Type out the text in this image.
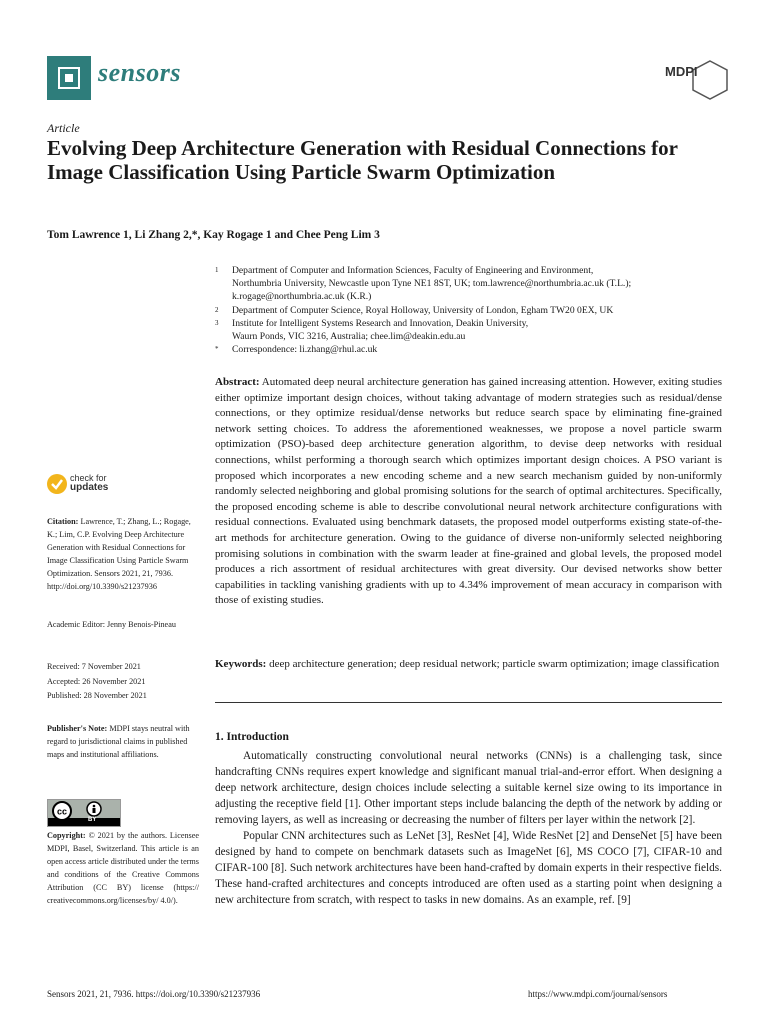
sensors	MDPI
Article
Evolving Deep Architecture Generation with Residual Connections for Image Classification Using Particle Swarm Optimization
Tom Lawrence 1, Li Zhang 2,*, Kay Rogage 1 and Chee Peng Lim 3
1 Department of Computer and Information Sciences, Faculty of Engineering and Environment,
Northumbria University, Newcastle upon Tyne NE1 8ST, UK; tom.lawrence@northumbria.ac.uk (T.L.);
k.rogage@northumbria.ac.uk (K.R.)
2 Department of Computer Science, Royal Holloway, University of London, Egham TW20 0EX, UK
3 Institute for Intelligent Systems Research and Innovation, Deakin University,
Waurn Ponds, VIC 3216, Australia; chee.lim@deakin.edu.au
* Correspondence: li.zhang@rhul.ac.uk
Abstract: Automated deep neural architecture generation has gained increasing attention. However, exiting studies either optimize important design choices, without taking advantage of modern strategies such as residual/dense connections, or they optimize residual/dense networks but reduce search space by eliminating fine-grained network setting choices. To address the aforementioned weaknesses, we propose a novel particle swarm optimization (PSO)-based deep architecture generation algorithm, to devise deep networks with residual connections, whilst performing a thorough search which optimizes important design choices. A PSO variant is proposed which incorporates a new encoding scheme and a new search mechanism guided by non-uniformly randomly selected neighboring and global promising solutions for the search of optimal architectures. Specifically, the proposed encoding scheme is able to describe convolutional neural network architecture configurations with residual connections. Evaluated using benchmark datasets, the proposed model outperforms existing state-of-the-art methods for architecture generation. Owing to the guidance of diverse non-uniformly selected neighboring promising solutions in combination with the swarm leader at fine-grained and global levels, the proposed model produces a rich assortment of residual architectures with great diversity. Our devised networks show better capabilities in tackling vanishing gradients with up to 4.34% improvement of mean accuracy in comparison with those of existing studies.
Keywords: deep architecture generation; deep residual network; particle swarm optimization; image classification
check for
updates
Citation: Lawrence, T.; Zhang, L.; Rogage, K.; Lim, C.P. Evolving Deep Architecture Generation with Residual Connections for Image Classification Using Particle Swarm Optimization. Sensors 2021, 21, 7936. http://doi.org/10.3390/s21237936
Academic Editor: Jenny Benois-Pineau
Received: 7 November 2021
Accepted: 26 November 2021
Published: 28 November 2021
Publisher's Note: MDPI stays neutral with regard to jurisdictional claims in published maps and institutional affiliations.
cc
BY
Copyright: © 2021 by the authors. Licensee MDPI, Basel, Switzerland. This article is an open access article distributed under the terms and conditions of the Creative Commons Attribution (CC BY) license (https:// creativecommons.org/licenses/by/ 4.0/).
1. Introduction

Automatically constructing convolutional neural networks (CNNs) is a challenging task, since handcrafting CNNs requires expert knowledge and significant manual trial-and-error effort. When designing a deep network architecture, design choices include selecting a suitable kernel size owing to its importance in adjusting the receptive field [1]. Other important steps include balancing the depth of the network by adding or removing layers, as well as increasing or decreasing the number of filters per layer within the network [2].

Popular CNN architectures such as LeNet [3], ResNet [4], Wide ResNet [2] and DenseNet [5] have been designed by hand to compete on benchmark datasets such as ImageNet [6], MS COCO [7], CIFAR-10 and CIFAR-100 [8]. Such network architectures have been hand-crafted by domain experts in their respective fields. These hand-crafted architectures and concepts introduced are often used as a starting point when designing a new architecture from scratch, with respect to tasks in new domains. As an example, ref. [9]

Sensors 2021, 21, 7936. https://doi.org/10.3390/s21237936	https://www.mdpi.com/journal/sensors
